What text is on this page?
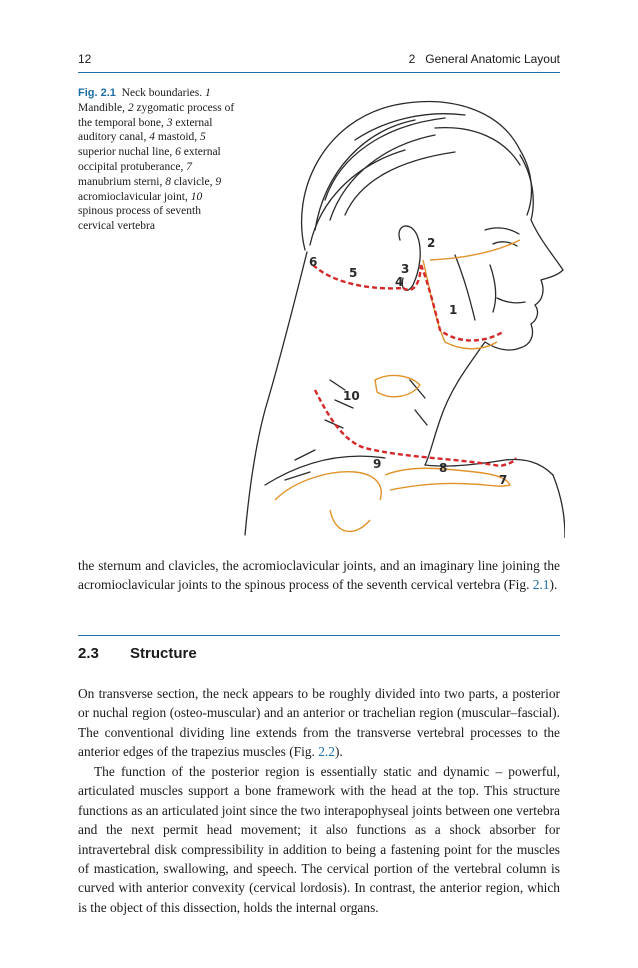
12	2   General Anatomic Layout
Fig. 2.1 Neck boundaries. 1 Mandible, 2 zygomatic process of the temporal bone, 3 external auditory canal, 4 mastoid, 5 superior nuchal line, 6 external occipital protuberance, 7 manubrium sterni, 8 clavicle, 9 acromioclavicular joint, 10 spinous process of seventh cervical vertebra
1
2
3
4
5
6
7
8
9
10

the sternum and clavicles, the acromioclavicular joints, and an imaginary line joining the acromioclavicular joints to the spinous process of the seventh cervical vertebra (Fig. 2.1).

2.3 Structure

On transverse section, the neck appears to be roughly divided into two parts, a posterior or nuchal region (osteo-muscular) and an anterior or trachelian region (muscular–fascial). The conventional dividing line extends from the transverse vertebral processes to the anterior edges of the trapezius muscles (Fig. 2.2).

The function of the posterior region is essentially static and dynamic – powerful, articulated muscles support a bone framework with the head at the top. This structure functions as an articulated joint since the two interapophyseal joints between one vertebra and the next permit head movement; it also functions as a shock absorber for intravertebral disk compressibility in addition to being a fastening point for the muscles of mastication, swallowing, and speech. The cervical portion of the vertebral column is curved with anterior convexity (cervical lordosis). In contrast, the anterior region, which is the object of this dissection, holds the internal organs.
